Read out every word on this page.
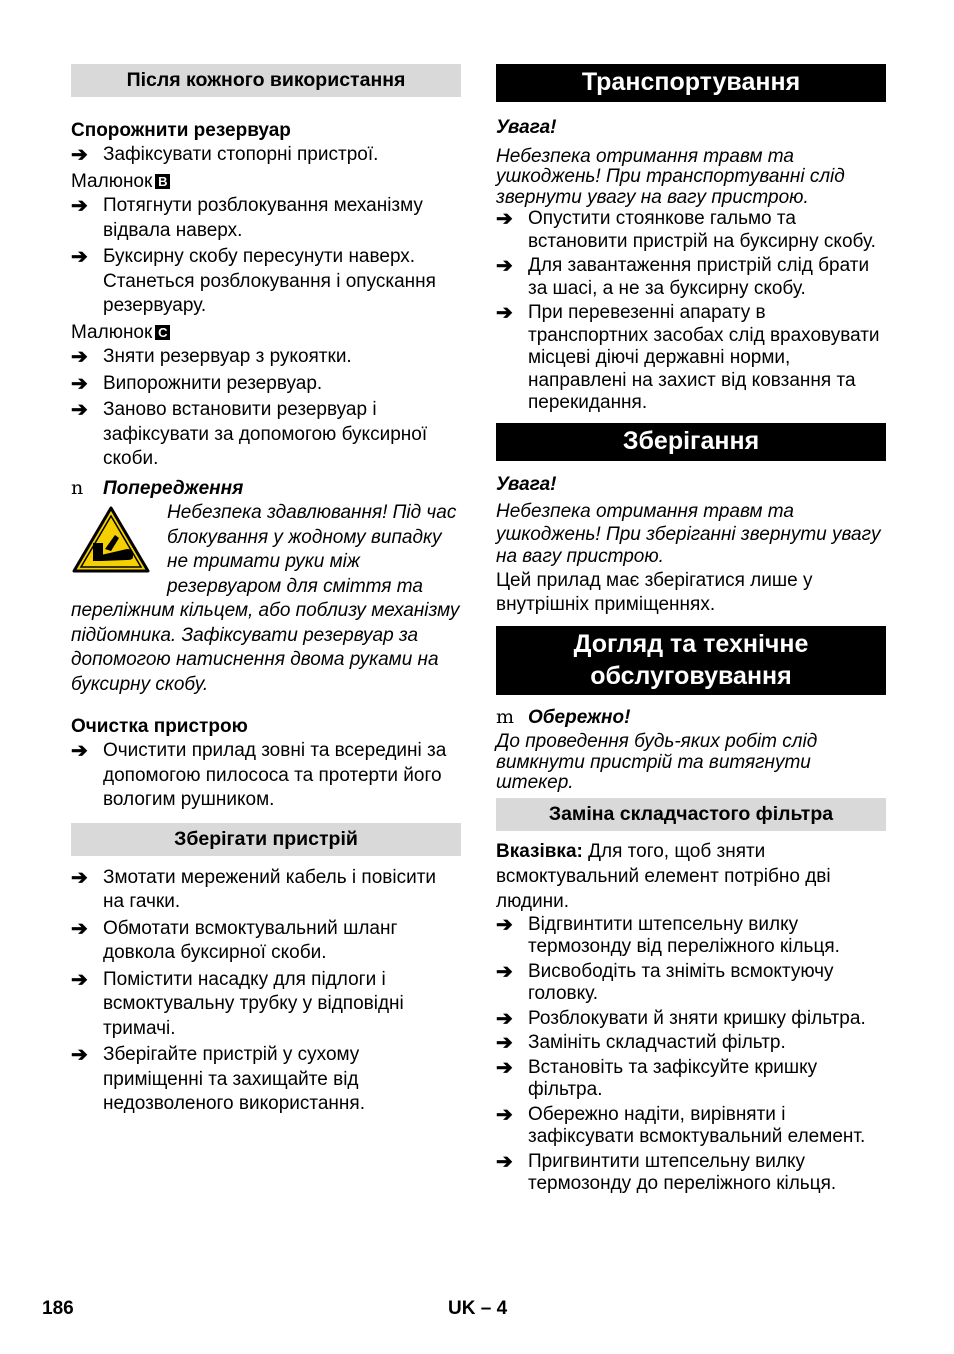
Після кожного використання
Спорожнити резервуар
➔ Зафіксувати стопорні пристрої.

Малюнок B

➔ Потягнути розблокування механізму відвала наверх.
➔ Буксирну скобу пересунути наверх. Станеться розблокування і опускання резервуару.

Малюнок C

➔ Зняти резервуар з рукоятки.
➔ Випорожнити резервуар.
➔ Заново встановити резервуар і зафіксувати за допомогою буксирної скоби.

n Попередження

Небезпека здавлювання! Під час блокування у жодному випадку не тримати руки між резервуаром для сміття та переліжним кільцем, або поблизу механізму підйомника. Зафіксувати резервуар за допомогою натиснення двома руками на буксирну скобу.

Очистка пристрою
➔ Очистити прилад зовні та всередині за допомогою пилососа та протерти його вологим рушником.
Зберігати пристрій
➔ Змотати мережений кабель і повісити на гачки.
➔ Обмотати всмоктувальний шланг довкола буксирної скоби.
➔ Помістити насадку для підлоги і всмоктувальну трубку у відповідні тримачі.
➔ Зберігайте пристрій у сухому приміщенні та захищайте від недозволеного використання.
Транспортування

Увага!

Небезпека отримання травм та ушкоджень! При транспортуванні слід звернути увагу на вагу пристрою.

➔ Опустити стоянкове гальмо та встановити пристрій на буксирну скобу.
➔ Для завантаження пристрій слід брати за шасі, а не за буксирну скобу.
➔ При перевезенні апарату в транспортних засобах слід враховувати місцеві діючі державні норми, направлені на захист від ковзання та перекидання.
Зберігання

Увага!

Небезпека отримання травм та ушкоджень! При зберіганні звернути увагу на вагу пристрою.

Цей прилад має зберігатися лише у внутрішніх приміщеннях.

Догляд та технічне обслуговування

m Обережно!

До проведення будь-яких робіт слід вимкнути пристрій та витягнути штекер.

Заміна складчастого фільтра

Вказівка: Для того, щоб зняти всмоктувальний елемент потрібно дві людини.

➔ Відгвинтити штепсельну вилку термозонду від переліжного кільця.
➔ Висвободіть та зніміть всмоктуючу головку.
➔ Розблокувати й зняти кришку фільтра.
➔ Замініть складчастий фільтр.
➔ Встановіть та зафіксуйте кришку фільтра.
➔ Обережно надіти, вирівняти і зафіксувати всмоктувальний елемент.
➔ Пригвинтити штепсельну вилку термозонду до переліжного кільця.
186	UK – 4
